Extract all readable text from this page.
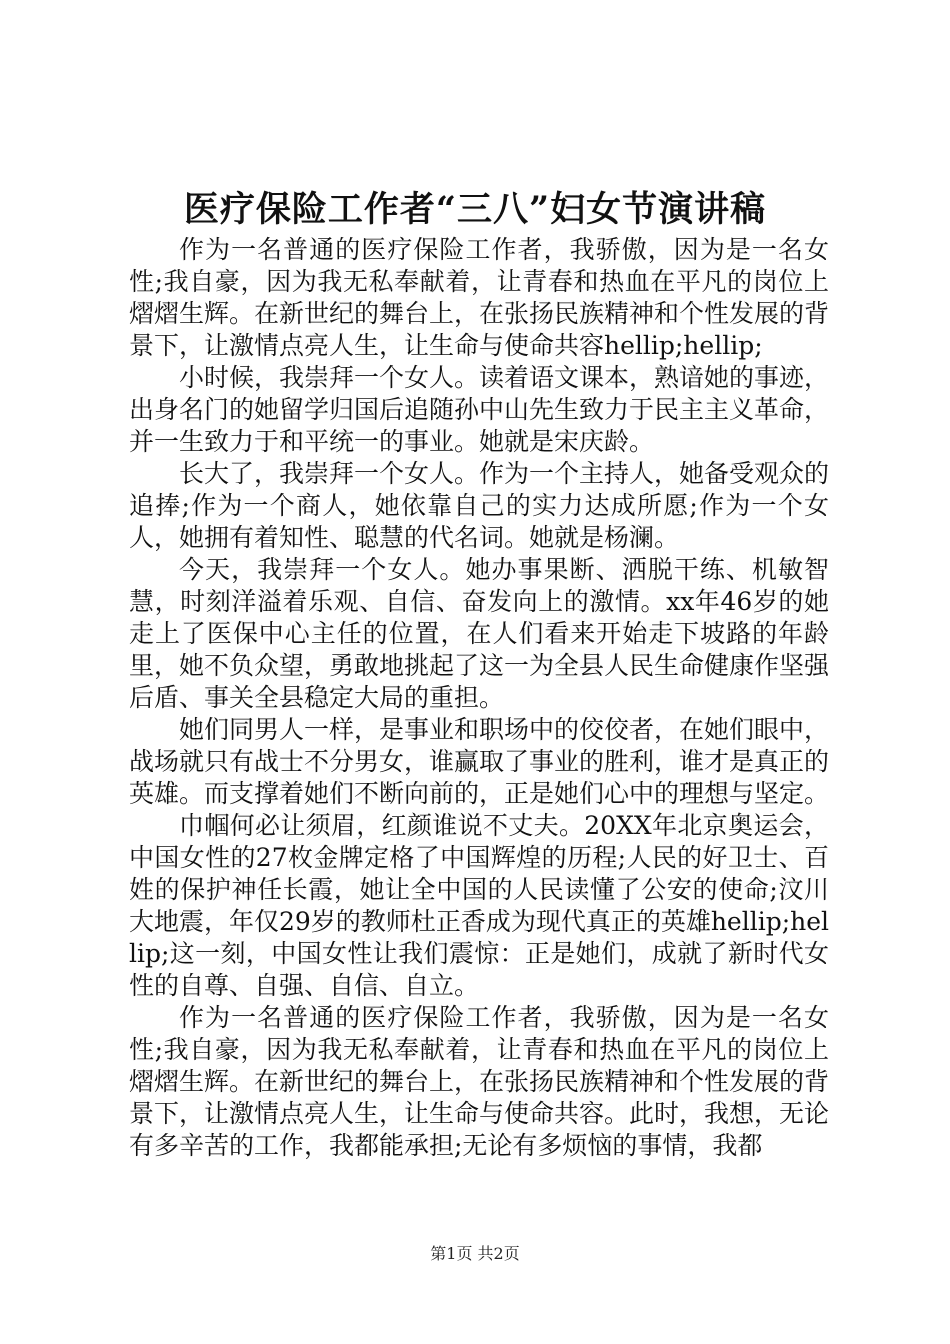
医疗保险工作者“三八”妇女节演讲稿

作为一名普通的医疗保险工作者，我骄傲，因为是一名女性;我自豪，因为我无私奉献着，让青春和热血在平凡的岗位上熠熠生辉。在新世纪的舞台上，在张扬民族精神和个性发展的背景下，让激情点亮人生，让生命与使命共容hellip;hellip;

小时候，我崇拜一个女人。读着语文课本，熟谙她的事迹，出身名门的她留学归国后追随孙中山先生致力于民主主义革命，并一生致力于和平统一的事业。她就是宋庆龄。

长大了，我崇拜一个女人。作为一个主持人，她备受观众的追捧;作为一个商人，她依靠自己的实力达成所愿;作为一个女人，她拥有着知性、聪慧的代名词。她就是杨澜。

今天，我崇拜一个女人。她办事果断、洒脱干练、机敏智慧，时刻洋溢着乐观、自信、奋发向上的激情。xx年46岁的她走上了医保中心主任的位置，在人们看来开始走下坡路的年龄里，她不负众望，勇敢地挑起了这一为全县人民生命健康作坚强后盾、事关全县稳定大局的重担。

她们同男人一样，是事业和职场中的佼佼者，在她们眼中，战场就只有战士不分男女，谁赢取了事业的胜利，谁才是真正的英雄。而支撑着她们不断向前的，正是她们心中的理想与坚定。

巾帼何必让须眉，红颜谁说不丈夫。20XX年北京奥运会，中国女性的27枚金牌定格了中国辉煌的历程;人民的好卫士、百姓的保护神任长霞，她让全中国的人民读懂了公安的使命;汶川大地震，年仅29岁的教师杜正香成为现代真正的英雄hellip;hellip;这一刻，中国女性让我们震惊：正是她们，成就了新时代女性的自尊、自强、自信、自立。

作为一名普通的医疗保险工作者，我骄傲，因为是一名女性;我自豪，因为我无私奉献着，让青春和热血在平凡的岗位上熠熠生辉。在新世纪的舞台上，在张扬民族精神和个性发展的背景下，让激情点亮人生，让生命与使命共容。此时，我想，无论有多辛苦的工作，我都能承担;无论有多烦恼的事情，我都

第1页 共2页
